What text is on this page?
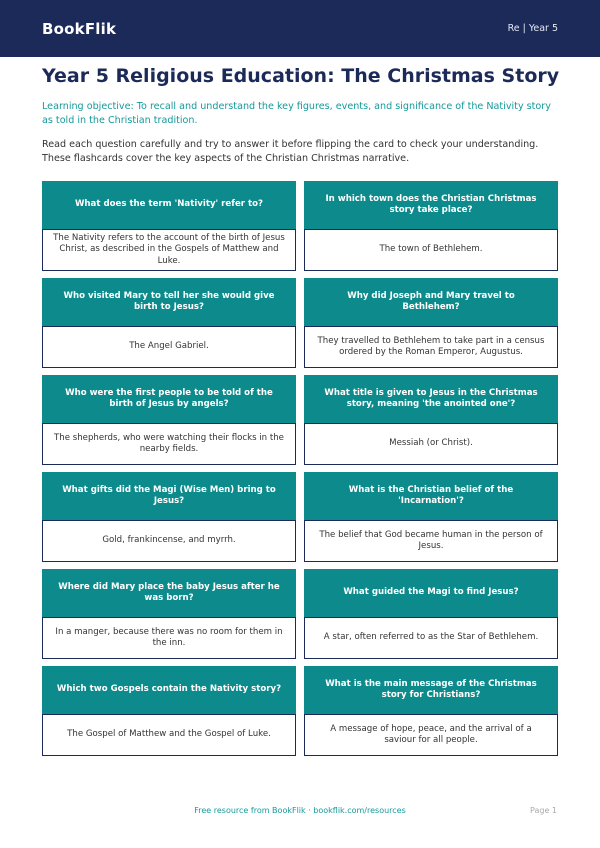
BookFlik	Re | Year 5
Year 5 Religious Education: The Christmas Story

Learning objective: To recall and understand the key figures, events, and significance of the Nativity story as told in the Christian tradition.

Read each question carefully and try to answer it before flipping the card to check your understanding. These flashcards cover the key aspects of the Christian Christmas narrative.

What does the term 'Nativity' refer to?
The Nativity refers to the account of the birth of Jesus Christ, as described in the Gospels of Matthew and Luke.
In which town does the Christian Christmas story take place?
The town of Bethlehem.
Who visited Mary to tell her she would give birth to Jesus?
The Angel Gabriel.
Why did Joseph and Mary travel to Bethlehem?
They travelled to Bethlehem to take part in a census ordered by the Roman Emperor, Augustus.
Who were the first people to be told of the birth of Jesus by angels?
The shepherds, who were watching their flocks in the nearby fields.
What title is given to Jesus in the Christmas story, meaning 'the anointed one'?
Messiah (or Christ).
What gifts did the Magi (Wise Men) bring to Jesus?
Gold, frankincense, and myrrh.
What is the Christian belief of the 'Incarnation'?
The belief that God became human in the person of Jesus.
Where did Mary place the baby Jesus after he was born?
In a manger, because there was no room for them in the inn.
What guided the Magi to find Jesus?
A star, often referred to as the Star of Bethlehem.
Which two Gospels contain the Nativity story?
The Gospel of Matthew and the Gospel of Luke.
What is the main message of the Christmas story for Christians?
A message of hope, peace, and the arrival of a saviour for all people.
Free resource from BookFlik · bookflik.com/resources	Page 1
